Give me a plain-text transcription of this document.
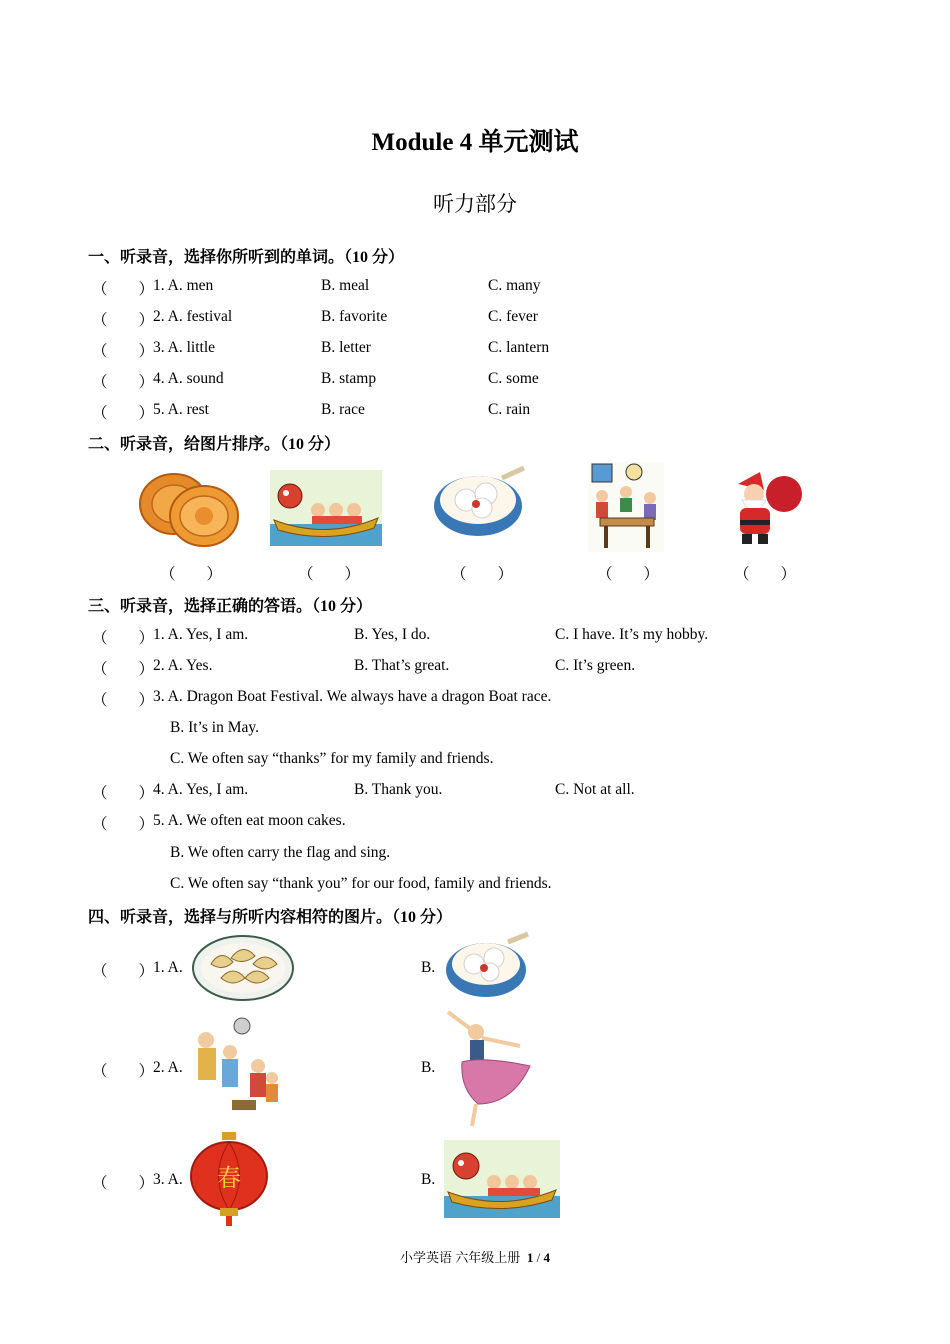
Module 4 单元测试
听力部分
一、听录音，选择你所听到的单词。（10 分）
（　　）
1. A. men	B. meal	C. many
（　　）
2. A. festival	B. favorite	C. fever
（　　）
3. A. little	B. letter	C. lantern
（　　）
4. A. sound	B. stamp	C. some
（　　）
5. A. rest	B. race	C. rain
二、听录音，给图片排序。（10 分）
（　　）	（　　）	（　　）	（　　）	（　　）
三、听录音，选择正确的答语。（10 分）
（　　）
1. A. Yes, I am.	B. Yes, I do.	C. I have. It’s my hobby.
（　　）
2. A. Yes.	B. That’s great.	C. It’s green.
（　　）
3. A. Dragon Boat Festival. We always have a dragon Boat race.
B. It’s in May.
C. We often say “thanks” for my family and friends.
（　　）
4. A. Yes, I am.	B. Thank you.	C. Not at all.
（　　）
5. A. We often eat moon cakes.
B. We often carry the flag and sing.
C. We often say “thank you” for our food, family and friends.
四、听录音，选择与所听内容相符的图片。（10 分）
（　　）
1. A.	B.
（　　）
2. A.	B.
（　　）
3. A. 春	B.
小学英语 六年级上册 1 / 4
